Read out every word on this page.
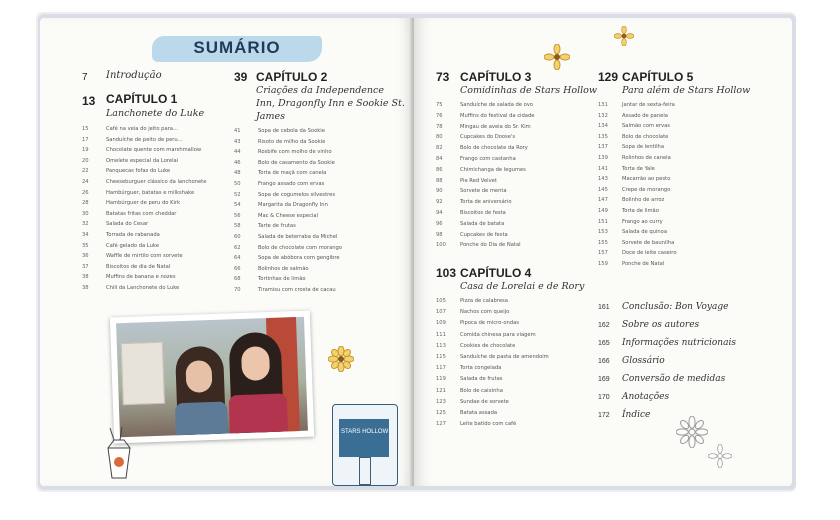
SUMÁRIO
7 Introdução
13 CAPÍTULO 1
Lanchonete do Luke
15	Café na veia do jeito para...
17	Sanduíche de peito de peru...
19	Chocolate quente com marshmallow
20	Omelete especial da Lorelai
22	Panquecas fofas do Luke
24	Cheeseburguer clássico da lanchonete
26	Hambúrguer, batatas e milkshake
28	Hambúrguer de peru do Kirk
30	Batatas fritas com cheddar
32	Salada do Cesar
34	Torrada de rabanada
35	Café gelado da Luke
36	Waffle de mirtilo com sorvete
37	Biscoitos de dia de Natal
38	Muffins de banana e nozes
38	Chili da Lanchonete do Luke
39 CAPÍTULO 2
Criações da Independence Inn, Dragonfly Inn e Sookie St. James
41	Sopa de cebola da Sookie
43	Risoto de milho da Sookie
44	Rosbife com molho de vinho
46	Bolo de casamento da Sookie
48	Torta de maçã com canela
50	Frango assado com ervas
52	Sopa de cogumelos silvestres
54	Margarita da Dragonfly Inn
56	Mac & Cheese especial
58	Tarte de frutas
60	Salada de beterraba da Michel
62	Bolo de chocolate com morango
64	Sopa de abóbora com gengibre
66	Bolinhos de salmão
68	Tortinhas de limão
70	Tiramisu com crosta de cacau
STARS HOLLOW
73 CAPÍTULO 3
Comidinhas de Stars Hollow
75	Sanduíche de salada de ovo
76	Muffins do festival da cidade
78	Mingau de aveia do Sr. Kim
80	Cupcakes do Doose's
82	Bolo de chocolate da Rory
84	Frango com castanha
86	Chimichanga de legumes
88	Pie Red Velvet
90	Sorvete de menta
92	Torta de aniversário
94	Biscoitos de festa
96	Salada de batata
98	Cupcakes de festa
100	Ponche do Dia de Natal
103 CAPÍTULO 4
Casa de Lorelai e de Rory
105	Pizza de calabresa
107	Nachos com queijo
109	Pipoca de micro-ondas
111	Comida chinesa para viagem
113	Cookies de chocolate
115	Sanduíche de pasta de amendoim
117	Torta congelada
119	Salada de frutas
121	Bolo de caixinha
123	Sundae de sorvete
125	Batata assada
127	Leite batido com café
129 CAPÍTULO 5
Para além de Stars Hollow
131	Jantar de sexta-feira
132	Assado de panela
134	Salmão com ervas
135	Bolo de chocolate
137	Sopa de lentilha
139	Rolinhos de canela
141	Torta de Yale
143	Macarrão ao pesto
145	Crepe de morango
147	Bolinho de arroz
149	Torta de limão
151	Frango ao curry
153	Salada de quinoa
155	Sorvete de baunilha
157	Doce de leite caseiro
159	Ponche de Natal
161 Conclusão: Bon Voyage
162 Sobre os autores
165 Informações nutricionais
166 Glossário
169 Conversão de medidas
170 Anotações
172 Índice
